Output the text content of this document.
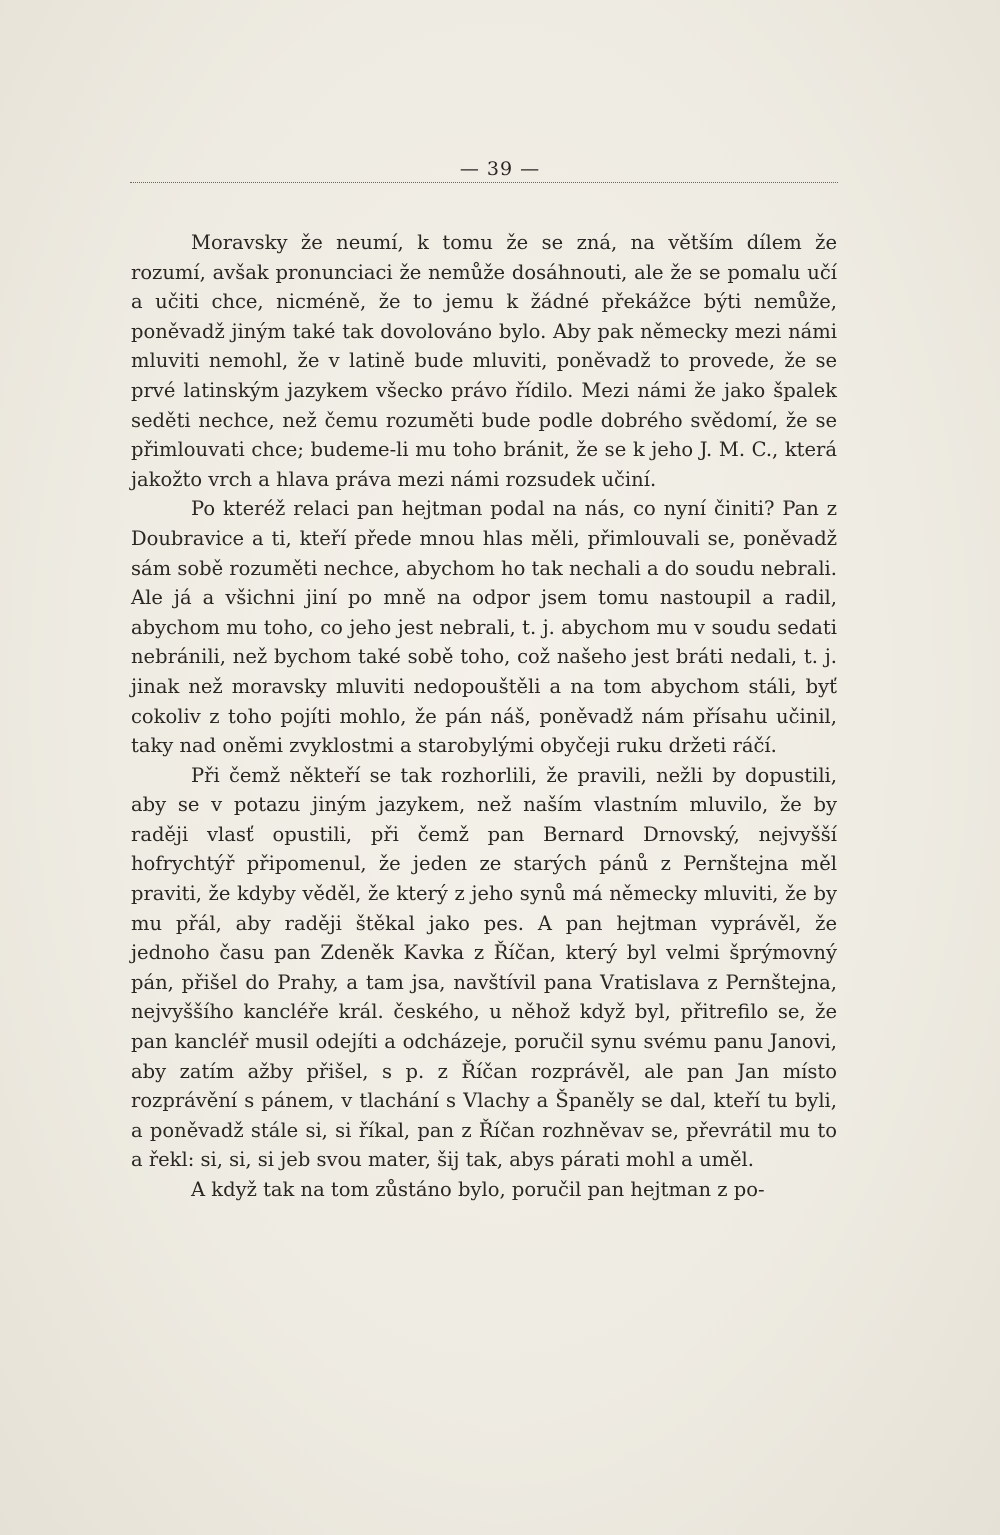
— 39 —

Moravsky že neumí, k tomu že se zná, na větším dílem že rozumí, avšak pronunciaci že nemůže dosáhnouti, ale že se pomalu učí a učiti chce, nicméně, že to jemu k žádné překážce býti nemůže, poněvadž jiným také tak dovolováno bylo. Aby pak německy mezi námi mluviti nemohl, že v latině bude mluviti, poněvadž to provede, že se prvé latinským jazykem všecko právo řídilo. Mezi námi že jako špalek seděti nechce, než čemu rozuměti bude podle dobrého svědomí, že se přimlouvati chce; budeme-li mu toho bránit, že se k jeho J. M. C., která jakožto vrch a hlava práva mezi námi rozsudek učiní.

Po kteréž relaci pan hejtman podal na nás, co nyní činiti? Pan z Doubravice a ti, kteří přede mnou hlas měli, přimlouvali se, poněvadž sám sobě rozuměti nechce, abychom ho tak nechali a do soudu nebrali. Ale já a všichni jiní po mně na odpor jsem tomu nastoupil a radil, abychom mu toho, co jeho jest nebrali, t. j. abychom mu v soudu sedati nebránili, než bychom také sobě toho, což našeho jest bráti nedali, t. j. jinak než moravsky mluviti nedopouštěli a na tom abychom stáli, byť cokoliv z toho pojíti mohlo, že pán náš, poněvadž nám přísahu učinil, taky nad oněmi zvyklostmi a starobylými obyčeji ruku držeti ráčí.

Při čemž někteří se tak rozhorlili, že pravili, nežli by dopustili, aby se v potazu jiným jazykem, než naším vlastním mluvilo, že by raději vlasť opustili, při čemž pan Bernard Drnovský, nejvyšší hofrychtýř připomenul, že jeden ze starých pánů z Pernštejna měl praviti, že kdyby věděl, že který z jeho synů má německy mluviti, že by mu přál, aby raději štěkal jako pes. A pan hejtman vyprávěl, že jednoho času pan Zdeněk Kavka z Říčan, který byl velmi šprýmovný pán, přišel do Prahy, a tam jsa, navštívil pana Vratislava z Pernštejna, nejvyššího kancléře král. českého, u něhož když byl, přitrefilo se, že pan kancléř musil odejíti a odcházeje, poručil synu svému panu Janovi, aby zatím ažby přišel, s p. z Říčan rozprávěl, ale pan Jan místo rozprávění s pánem, v tlachání s Vlachy a Španěly se dal, kteří tu byli, a poněvadž stále si, si říkal, pan z Říčan rozhněvav se, převrátil mu to a řekl: si, si, si jeb svou mater, šij tak, abys párati mohl a uměl.

A když tak na tom zůstáno bylo, poručil pan hejtman z po-
